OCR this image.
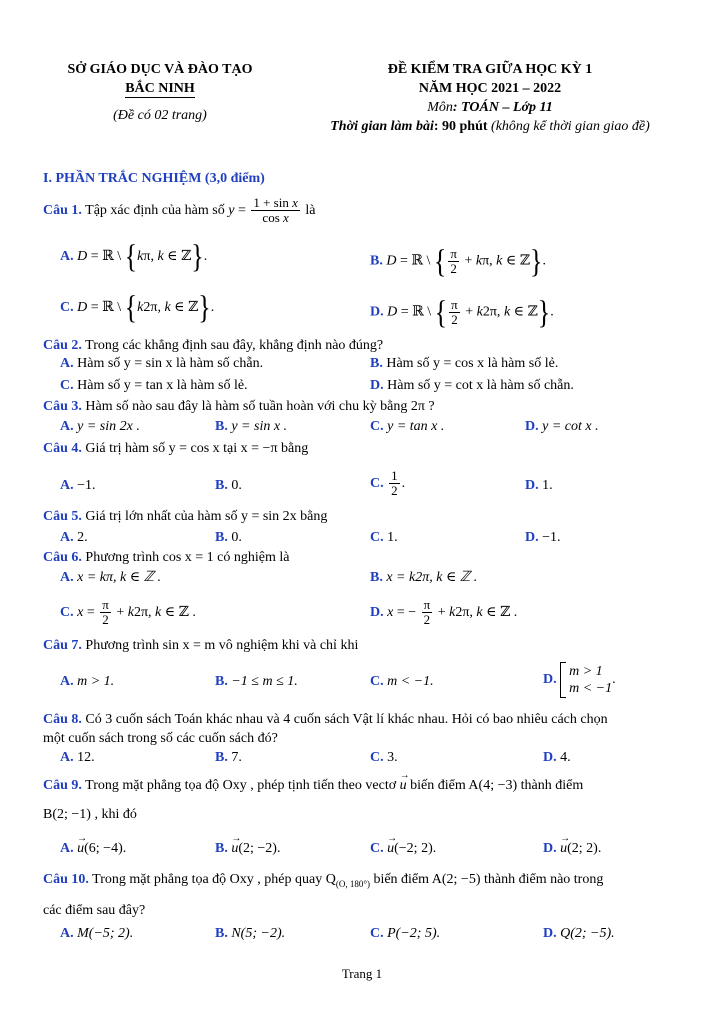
SỞ GIÁO DỤC VÀ ĐÀO TẠO
BẮC NINH
(Đề có 02 trang)
ĐỀ KIỂM TRA GIỮA HỌC KỲ 1
NĂM HỌC 2021 – 2022
Môn: TOÁN – Lớp 11
Thời gian làm bài: 90 phút (không kể thời gian giao đề)
I. PHẦN TRẮC NGHIỆM (3,0 điểm)
Câu 1. Tập xác định của hàm số $y = \frac{\text{1 + sin x}}{\text{cos x}}$ là
A. D = ℝ \ {kπ, k ∈ ℤ}.	B. D = ℝ \ { $\frac{\pi}{2} + k\pi$, k ∈ ℤ}.
C. D = ℝ \ {k2π, k ∈ ℤ}.	D. D = ℝ \ { $\frac{\pi}{2} + k2\pi$, k ∈ ℤ}.
Câu 2. Trong các khẳng định sau đây, khẳng định nào đúng?
A. Hàm số y = sin x là hàm số chẵn.	B. Hàm số y = cos x là hàm số lẻ.
C. Hàm số y = tan x là hàm số lẻ.	D. Hàm số y = cot x là hàm số chẵn.
Câu 3. Hàm số nào sau đây là hàm số tuần hoàn với chu kỳ bằng 2π ?
A. y = sin 2x .	B. y = sin x .	C. y = tan x .	D. y = cot x .
Câu 4. Giá trị hàm số y = cos x tại x = −π bằng
A. −1.	B. 0.	C. $\frac{1}{2}$ .	D. 1.
Câu 5. Giá trị lớn nhất của hàm số y = sin 2x bằng
A. 2.	B. 0.	C. 1.	D. −1.
Câu 6. Phương trình cos x = 1 có nghiệm là
A. x = kπ, k ∈ ℤ .	B. x = k2π, k ∈ ℤ .
C. $x = \frac{\pi}{2} + k2\pi$, k ∈ ℤ .	D. x = − $\frac{\pi}{2} + k2\pi$, k ∈ ℤ .
Câu 7. Phương trình sin x = m vô nghiệm khi và chỉ khi
A. m > 1.	B. −1 ≤ m ≤ 1.	C. m < −1.	D.
m > 1
m < −1
.
Câu 8. Có 3 cuốn sách Toán khác nhau và 4 cuốn sách Vật lí khác nhau. Hỏi có bao nhiêu cách chọn
một cuốn sách trong số các cuốn sách đó?
A. 12.	B. 7.	C. 3.	D. 4.
Câu 9. Trong mặt phẳng tọa độ Oxy , phép tịnh tiến theo vectơ → u biến điểm A(4; −3) thành điểm
B(2; −1) , khi đó
A. → u(6; −4).	B. → u(2; −2).	C. → u(−2; 2).	D. → u(2; 2).
Câu 10. Trong mặt phẳng tọa độ Oxy , phép quay $Q_{(O, 180^\circ)}$ biến điểm A(2; −5) thành điểm nào trong
các điểm sau đây?
A. M(−5; 2).	B. N(5; −2).	C. P(−2; 5).	D. Q(2; −5).
Trang 1
